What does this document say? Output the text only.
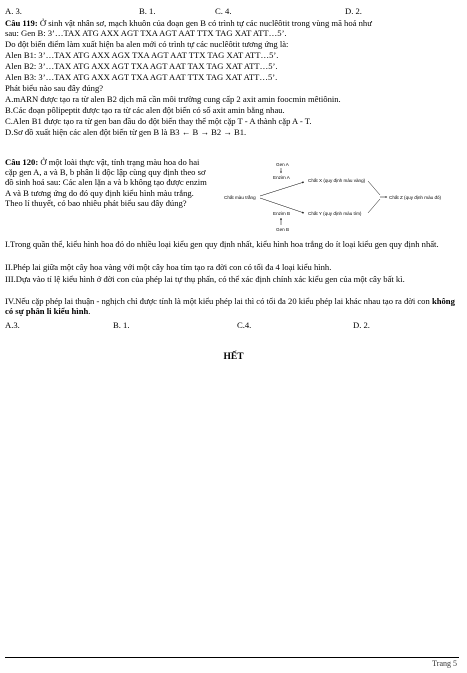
A. 3.	B. 1.	C. 4.	D. 2.
Câu 119: Ở sinh vật nhân sơ, mạch khuôn của đoạn gen B có trình tự các nuclêôtit trong vùng mã hoá như
sau: Gen B: 3’…TAX ATG AXX AGT TXA AGT AAT TTX TAG XAT ATT…5’.
Do đột biến điểm làm xuất hiện ba alen mới có trình tự các nuclêôtit tương ứng là:
Alen B1: 3’…TAX ATG AXX AGX TXA AGT AAT TTX TAG XAT ATT…5’.
Alen B2: 3’…TAX ATG AXX AGT TXA AGT AAT TAX TAG XAT ATT…5’.
Alen B3: 3’…TAX ATG AXX AGT TXA AGT AAT TTX TAG XAT ATT…5’.
Phát biểu nào sau đây đúng?
A.mARN được tạo ra từ alen B2 dịch mã cần môi trường cung cấp 2 axit amin foocmin mêtiônin.
B.Các đoạn pôlipeptit được tạo ra từ các alen đột biến có số axit amin bằng nhau.
C.Alen B1 được tạo ra từ gen ban đầu do đột biến thay thế một cặp T - A thành cặp A - T.
D.Sơ đồ xuất hiện các alen đột biến từ gen B là B3 ← B → B2 → B1.
Câu 120: Ở một loài thực vật, tính trạng màu hoa do hai cặp gen A, a và B, b phân li độc lập cùng quy định theo sơ đồ sinh hoá sau: Các alen lặn a và b không tạo được enzim A và B tương ứng do đó quy định kiểu hình màu trắng. Theo lí thuyết, có bao nhiêu phát biểu sau đây đúng?
Gen A
Enzim A
Chất màu trắng
Chất X (quy định màu vàng)
Chất Y (quy định màu tím)
Chất Z (quy định màu đỏ)
Enzim B
Gen B
I.Trong quần thể, kiểu hình hoa đỏ do nhiều loại kiểu gen quy định nhất, kiểu hình hoa trắng do ít loại kiểu gen quy định nhất.
II.Phép lai giữa một cây hoa vàng với một cây hoa tím tạo ra đời con có tối đa 4 loại kiểu hình.
III.Dựa vào tỉ lệ kiểu hình ở đời con của phép lai tự thụ phấn, có thể xác định chính xác kiểu gen của một cây bất kì.
IV.Nếu cặp phép lai thuận - nghịch chỉ được tính là một kiểu phép lai thì có tối đa 20 kiểu phép lai khác nhau tạo ra đời con không có sự phân li kiểu hình.
A.3.	B. 1.	C.4.	D. 2.
HẾT
Trang 5
